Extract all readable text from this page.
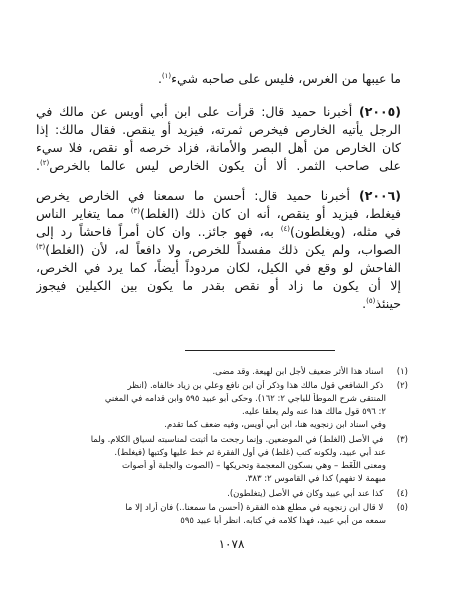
ما عيبها من الغرس، فليس على صاحبه شيء$^{(١)}$.
(٢٠٠٥) أخبرنا حميد قال: قرأت على ابن أبي أويس عن مالك في
الرجل يأتيه الخارص فيخرص ثمرته، فيزيد أو ينقص. فقال مالك: إذا
كان الخارص من أهل البصر والأمانة، فزاد خرصه أو نقص، فلا سيء
على صاحب الثمر. ألا أن يكون الخارص ليس عالما بالخرص$^{(٢)}$.
(٢٠٠٦) أخبرنا حميد قال: أحسن ما سمعنا في الخارص يخرص
فيغلط، فيزيد أو ينقص، أنه ان كان ذلك (الغلط)$^{(٣)}$ مما يتغاير الناس
في مثله، (ويغلطون)$^{(٤)}$ به، فهو جائز.. وان كان أمراً فاحشاً رد إلى
الصواب، ولم يكن ذلك مفسداً للخرص، ولا دافعاً له، لأن (الغلط)$^{(٣)}$
الفاحش لو وقع في الكيل، لكان مردوداً أيضاً، كما يرد في الخرص،
إلا أن يكون ما زاد أو نقص بقدر ما يكون بين الكيلين فيجوز
حينئذ$^{(٥)}$.
(١) اسناد هذا الأثر ضعيف لأجل ابن لهيعة. وقد مضى.
(٢) ذكر الشافعي قول مالك هذا وذكر أن ابن نافع وعلي بن زياد خالفاه. (انظر
المنتقى شرح الموطأ للباجي ٢: ١٦٢). وحكى أبو عبيد ٥٩٥ وابن قدامه في المغني
٢: ٥٩٦ قول مالك هذا عنه ولم يعلقا عليه.
وفي اسناد ابن زنجويه هنا، ابن أبي أويس، وفيه ضعف كما تقدم.
(٣) في الأصل (الغلط) في الموضعين. وإنما رجحت ما أثبتت لمناسبته لسياق الكلام. ولما
عند أبي عبيد، ولكونه كتب (غلط) في أول الفقرة ثم خط عليها وكتبها (فيغلط).
ومعنى اللَّغَط – وهي بسكون المعجمة وتحريكها – (الصوت والجلبة أو أصوات
مبهمة لا تفهم) كذا في القاموس ٢: ٣٨٣.
(٤) كذا عند أبي عبيد وكان في الأصل (يتغلطون).
(٥) لا قال ابن زنجويه في مطلع هذه الفقرة (أحسن ما سمعنا..) فان أراد إلا ما
سمعه من أبي عبيد، فهذا كلامه في كتابه. انظر أبا عبيد ٥٩٥
١٠٧٨
